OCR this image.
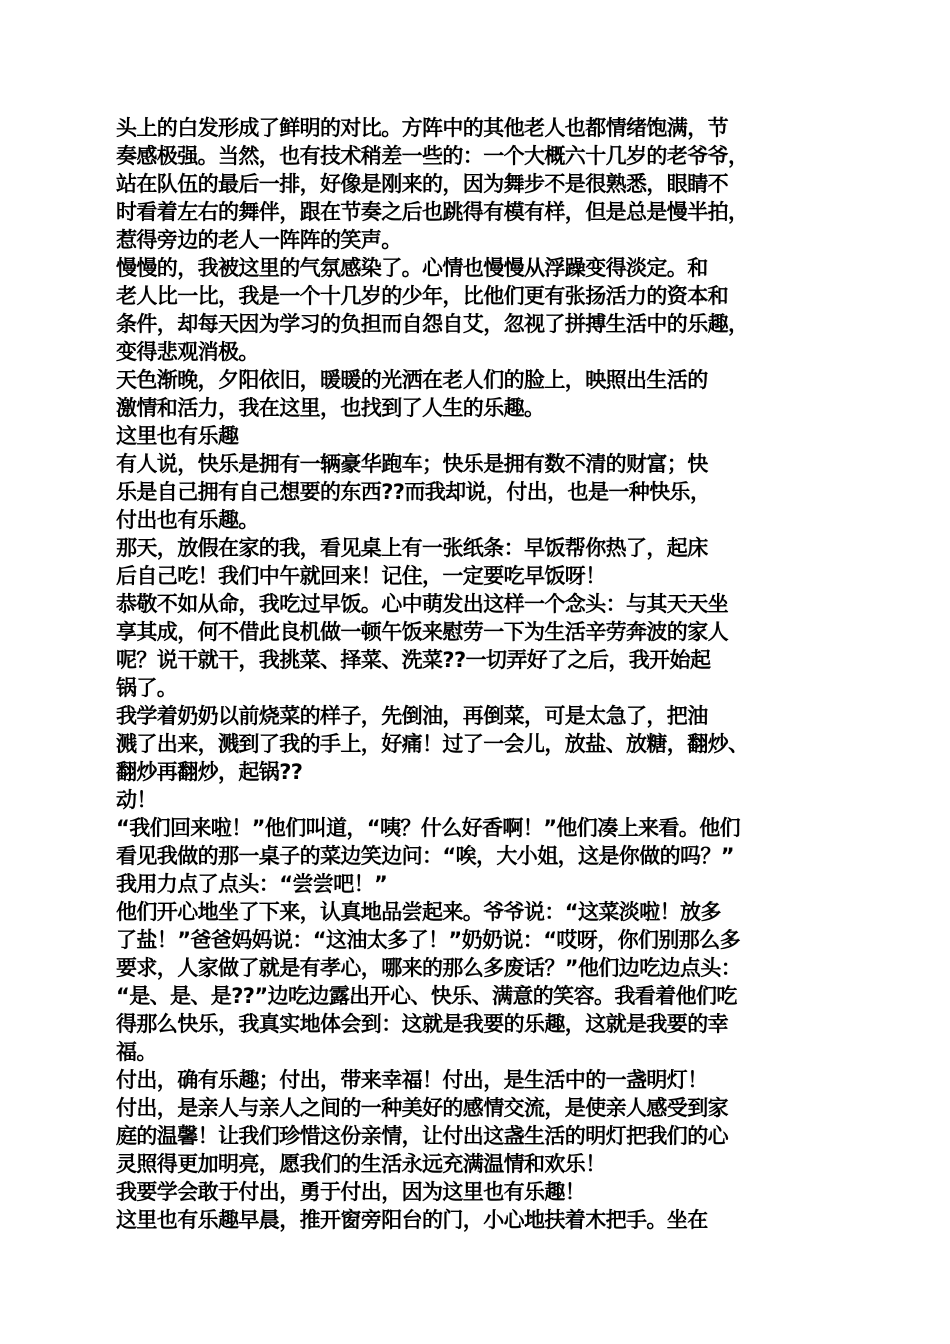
头上的白发形成了鲜明的对比。方阵中的其他老人也都情绪饱满，节
奏感极强。当然，也有技术稍差一些的：一个大概六十几岁的老爷爷，
站在队伍的最后一排，好像是刚来的，因为舞步不是很熟悉，眼睛不
时看着左右的舞伴，跟在节奏之后也跳得有模有样，但是总是慢半拍，
惹得旁边的老人一阵阵的笑声。
慢慢的，我被这里的气氛感染了。心情也慢慢从浮躁变得淡定。和
老人比一比，我是一个十几岁的少年，比他们更有张扬活力的资本和
条件，却每天因为学习的负担而自怨自艾，忽视了拼搏生活中的乐趣，
变得悲观消极。
天色渐晚，夕阳依旧，暖暖的光洒在老人们的脸上，映照出生活的
激情和活力，我在这里，也找到了人生的乐趣。
这里也有乐趣
有人说，快乐是拥有一辆豪华跑车；快乐是拥有数不清的财富；快
乐是自己拥有自己想要的东西??而我却说，付出，也是一种快乐，
付出也有乐趣。
那天，放假在家的我，看见桌上有一张纸条：早饭帮你热了，起床
后自己吃！我们中午就回来！记住，一定要吃早饭呀！
恭敬不如从命，我吃过早饭。心中萌发出这样一个念头：与其天天坐
享其成，何不借此良机做一顿午饭来慰劳一下为生活辛劳奔波的家人
呢？说干就干，我挑菜、择菜、洗菜??一切弄好了之后，我开始起
锅了。
我学着奶奶以前烧菜的样子，先倒油，再倒菜，可是太急了，把油
溅了出来，溅到了我的手上，好痛！过了一会儿，放盐、放糖，翻炒、
翻炒再翻炒，起锅??
动！
“我们回来啦！”他们叫道，“咦？什么好香啊！”他们凑上来看。他们
看见我做的那一桌子的菜边笑边问：“唉，大小姐，这是你做的吗？”
我用力点了点头：“尝尝吧！”
他们开心地坐了下来，认真地品尝起来。爷爷说：“这菜淡啦！放多
了盐！”爸爸妈妈说：“这油太多了！”奶奶说：“哎呀，你们别那么多
要求，人家做了就是有孝心，哪来的那么多废话？”他们边吃边点头：
“是、是、是??”边吃边露出开心、快乐、满意的笑容。我看着他们吃
得那么快乐，我真实地体会到：这就是我要的乐趣，这就是我要的幸
福。
付出，确有乐趣；付出，带来幸福！付出，是生活中的一盏明灯！
付出，是亲人与亲人之间的一种美好的感情交流，是使亲人感受到家
庭的温馨！让我们珍惜这份亲情，让付出这盏生活的明灯把我们的心
灵照得更加明亮，愿我们的生活永远充满温情和欢乐！
我要学会敢于付出，勇于付出，因为这里也有乐趣！
这里也有乐趣早晨，推开窗旁阳台的门，小心地扶着木把手。坐在
